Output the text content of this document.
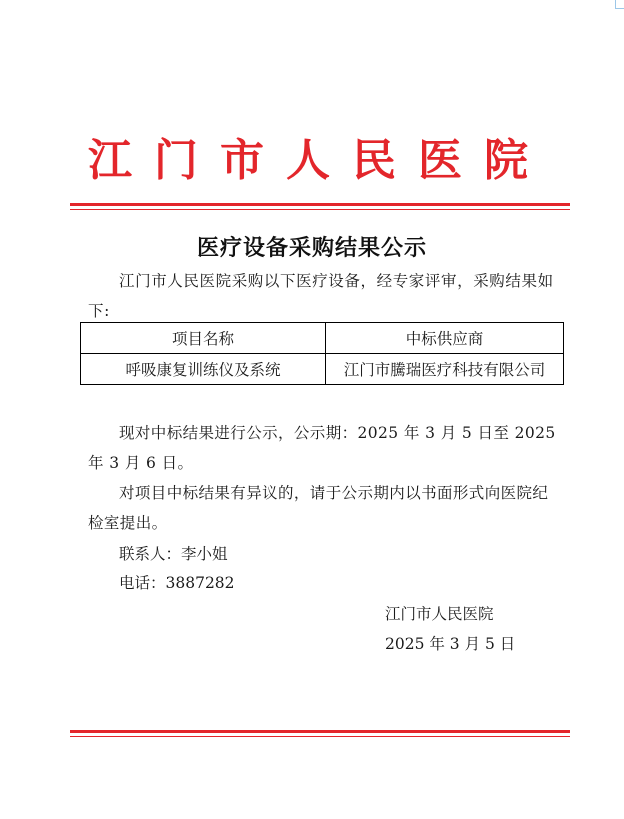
江 门 市 人 民 医 院
医疗设备采购结果公示
江门市人民医院采购以下医疗设备，经专家评审，采购结果如下:
项目名称	中标供应商
呼吸康复训练仪及系统	江门市騰瑞医疗科技有限公司
现对中标结果进行公示，公示期：2025 年 3 月 5 日至 2025 年 3 月 6 日。
对项目中标结果有异议的，请于公示期内以书面形式向医院纪检室提出。
联系人：李小姐
电话：3887282
江门市人民医院
2025 年 3 月 5 日
